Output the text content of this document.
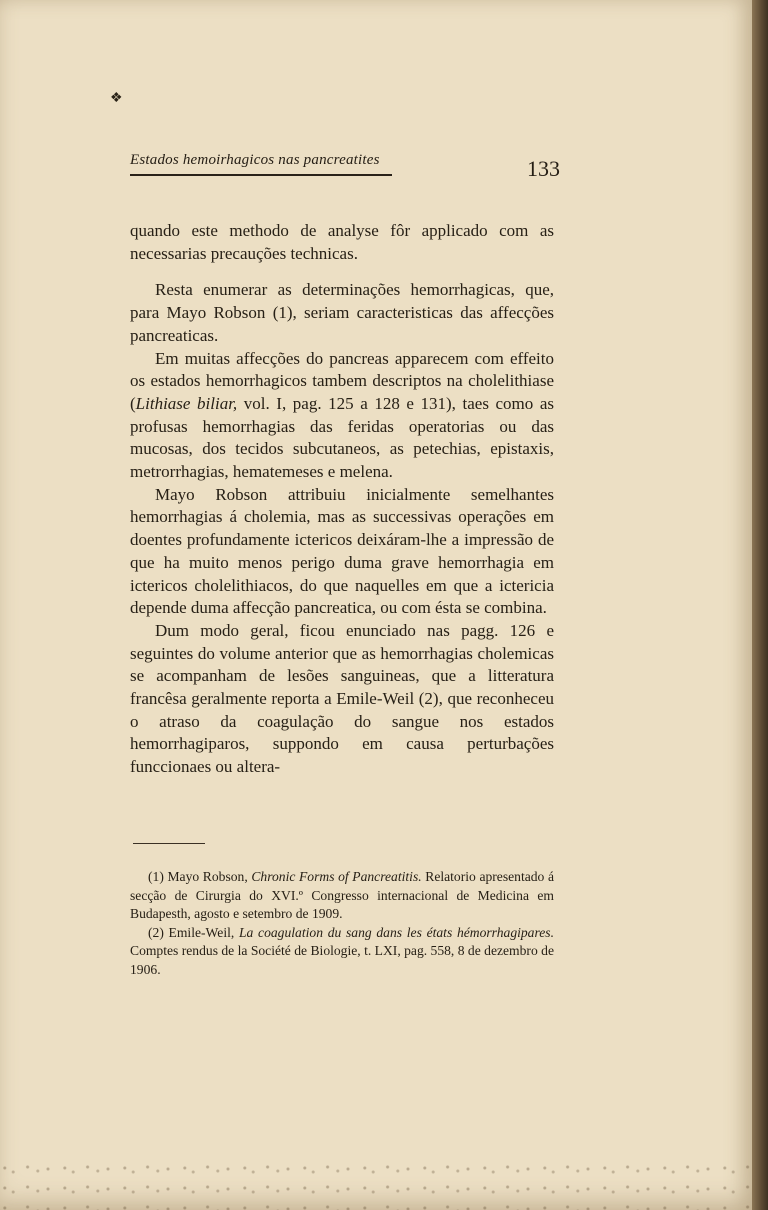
❖
Estados hemoirhagicos nas pancreatites	133

quando este methodo de analyse fôr applicado com as necessarias precauções technicas.

Resta enumerar as determinações hemorrhagicas, que, para Mayo Robson (1), seriam caracteristicas das affecções pancreaticas.

Em muitas affecções do pancreas apparecem com effeito os estados hemorrhagicos tambem descriptos na cholelithiase (Lithiase biliar, vol. I, pag. 125 a 128 e 131), taes como as profusas hemorrhagias das feridas operatorias ou das mucosas, dos tecidos subcutaneos, as petechias, epistaxis, metrorrhagias, hematemeses e melena.

Mayo Robson attribuiu inicialmente semelhantes hemorrhagias á cholemia, mas as successivas operações em doentes profundamente ictericos deixáram-lhe a impressão de que ha muito menos perigo duma grave hemorrhagia em ictericos cholelithiacos, do que naquelles em que a ictericia depende duma affecção pancreatica, ou com ésta se combina.

Dum modo geral, ficou enunciado nas pagg. 126 e seguintes do volume anterior que as hemorrhagias cholemicas se acompanham de lesões sanguineas, que a litteratura francêsa geralmente reporta a Emile-Weil (2), que reconheceu o atraso da coagulação do sangue nos estados hemorrhagiparos, suppondo em causa perturbações funccionaes ou altera-

(1) Mayo Robson, Chronic Forms of Pancreatitis. Relatorio apresentado á secção de Cirurgia do XVI.º Congresso internacional de Medicina em Budapesth, agosto e setembro de 1909.

(2) Emile-Weil, La coagulation du sang dans les états hémorrhagipares. Comptes rendus de la Société de Biologie, t. LXI, pag. 558, 8 de dezembro de 1906.
